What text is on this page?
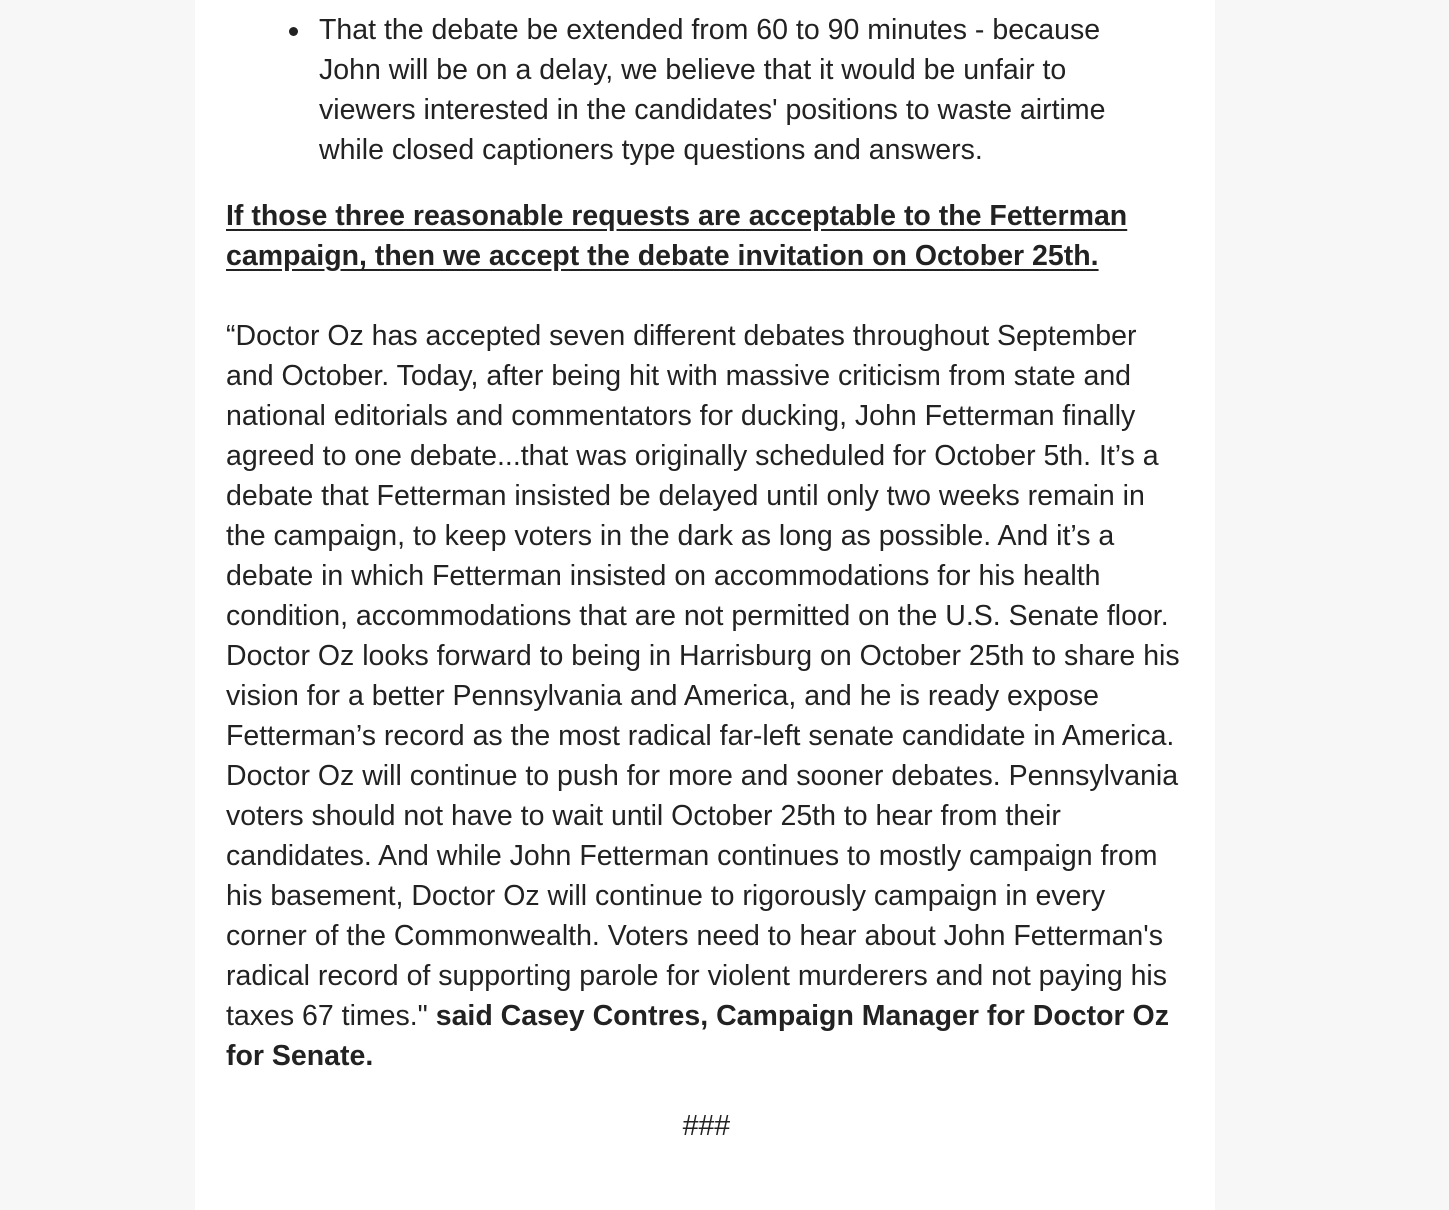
That the debate be extended from 60 to 90 minutes - because John will be on a delay, we believe that it would be unfair to viewers interested in the candidates' positions to waste airtime while closed captioners type questions and answers.

If those three reasonable requests are acceptable to the Fetterman campaign, then we accept the debate invitation on October 25th.

“Doctor Oz has accepted seven different debates throughout September and October. Today, after being hit with massive criticism from state and national editorials and commentators for ducking, John Fetterman finally agreed to one debate...that was originally scheduled for October 5th. It’s a debate that Fetterman insisted be delayed until only two weeks remain in the campaign, to keep voters in the dark as long as possible. And it’s a debate in which Fetterman insisted on accommodations for his health condition, accommodations that are not permitted on the U.S. Senate floor. Doctor Oz looks forward to being in Harrisburg on October 25th to share his vision for a better Pennsylvania and America, and he is ready expose Fetterman’s record as the most radical far-left senate candidate in America. Doctor Oz will continue to push for more and sooner debates. Pennsylvania voters should not have to wait until October 25th to hear from their candidates. And while John Fetterman continues to mostly campaign from his basement, Doctor Oz will continue to rigorously campaign in every corner of the Commonwealth. Voters need to hear about John Fetterman's radical record of supporting parole for violent murderers and not paying his taxes 67 times." said Casey Contres, Campaign Manager for Doctor Oz for Senate.

###
